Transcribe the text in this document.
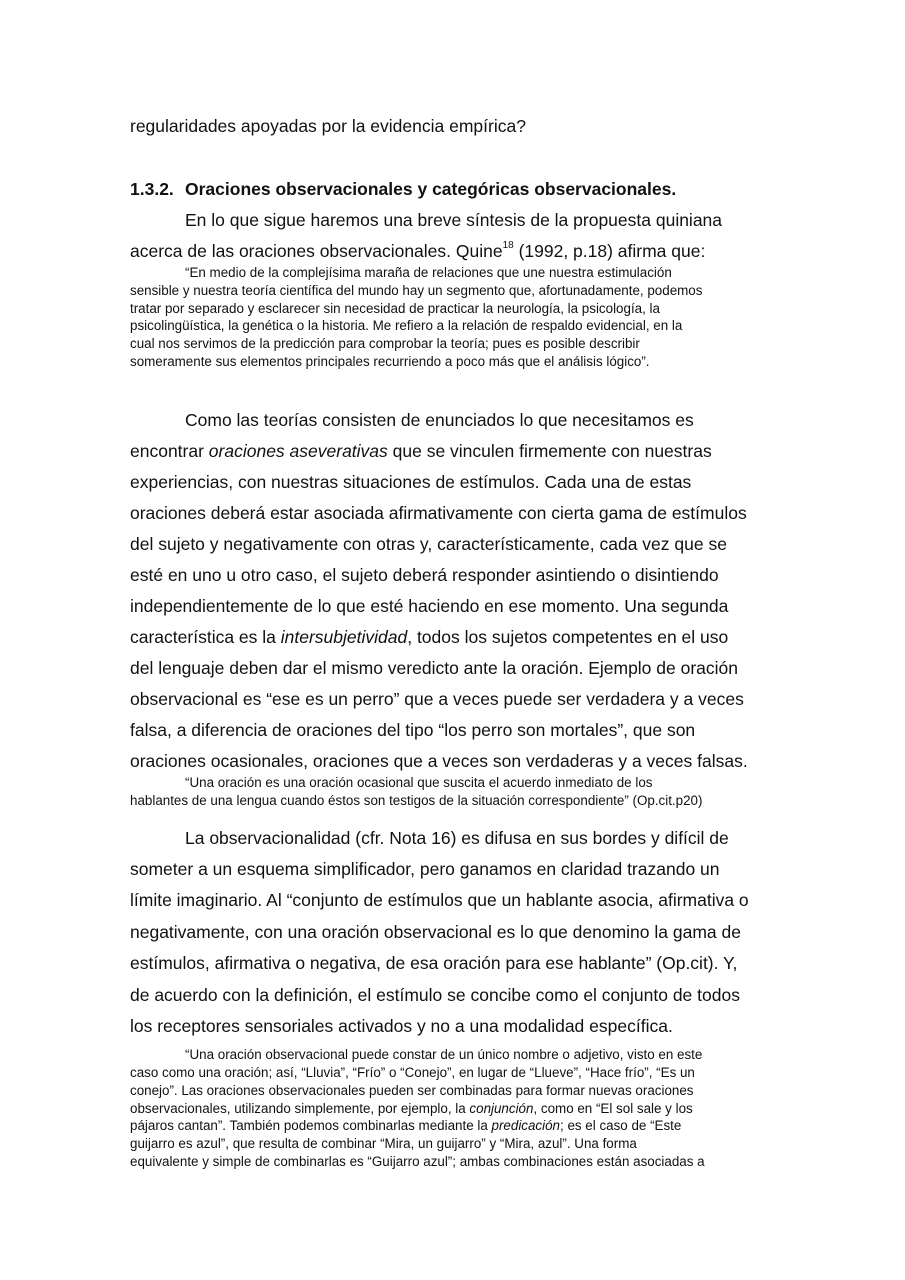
regularidades apoyadas por la evidencia empírica?
1.3.2. Oraciones observacionales y categóricas observacionales.
En lo que sigue haremos una breve síntesis de la propuesta quiniana
acerca de las oraciones observacionales. Quine$^{18}$ (1992, p.18) afirma que:
“En medio de la complejísima maraña de relaciones que une nuestra estimulación
sensible y nuestra teoría científica del mundo hay un segmento que, afortunadamente, podemos
tratar por separado y esclarecer sin necesidad de practicar la neurología, la psicología, la
psicolingüística, la genética o la historia. Me refiero a la relación de respaldo evidencial, en la
cual nos servimos de la predicción para comprobar la teoría; pues es posible describir
someramente sus elementos principales recurriendo a poco más que el análisis lógico”.
Como las teorías consisten de enunciados lo que necesitamos es
encontrar oraciones aseverativas que se vinculen firmemente con nuestras
experiencias, con nuestras situaciones de estímulos. Cada una de estas
oraciones deberá estar asociada afirmativamente con cierta gama de estímulos
del sujeto y negativamente con otras y, característicamente, cada vez que se
esté en uno u otro caso, el sujeto deberá responder asintiendo o disintiendo
independientemente de lo que esté haciendo en ese momento. Una segunda
característica es la intersubjetividad, todos los sujetos competentes en el uso
del lenguaje deben dar el mismo veredicto ante la oración. Ejemplo de oración
observacional es “ese es un perro” que a veces puede ser verdadera y a veces
falsa, a diferencia de oraciones del tipo “los perro son mortales”, que son
oraciones ocasionales, oraciones que a veces son verdaderas y a veces falsas.
“Una oración es una oración ocasional que suscita el acuerdo inmediato de los
hablantes de una lengua cuando éstos son testigos de la situación correspondiente” (Op.cit.p20)
La observacionalidad (cfr. Nota 16) es difusa en sus bordes y difícil de
someter a un esquema simplificador, pero ganamos en claridad trazando un
límite imaginario. Al “conjunto de estímulos que un hablante asocia, afirmativa o
negativamente, con una oración observacional es lo que denomino la gama de
estímulos, afirmativa o negativa, de esa oración para ese hablante” (Op.cit). Y,
de acuerdo con la definición, el estímulo se concibe como el conjunto de todos
los receptores sensoriales activados y no a una modalidad específica.
“Una oración observacional puede constar de un único nombre o adjetivo, visto en este
caso como una oración; así, “Lluvia”, “Frío” o “Conejo”, en lugar de “Llueve”, “Hace frío”, “Es un
conejo”. Las oraciones observacionales pueden ser combinadas para formar nuevas oraciones
observacionales, utilizando simplemente, por ejemplo, la conjunción, como en “El sol sale y los
pájaros cantan”. También podemos combinarlas mediante la predicación; es el caso de “Este
guijarro es azul”, que resulta de combinar “Mira, un guijarro” y “Mira, azul”. Una forma
equivalente y simple de combinarlas es “Guijarro azul”; ambas combinaciones están asociadas a
